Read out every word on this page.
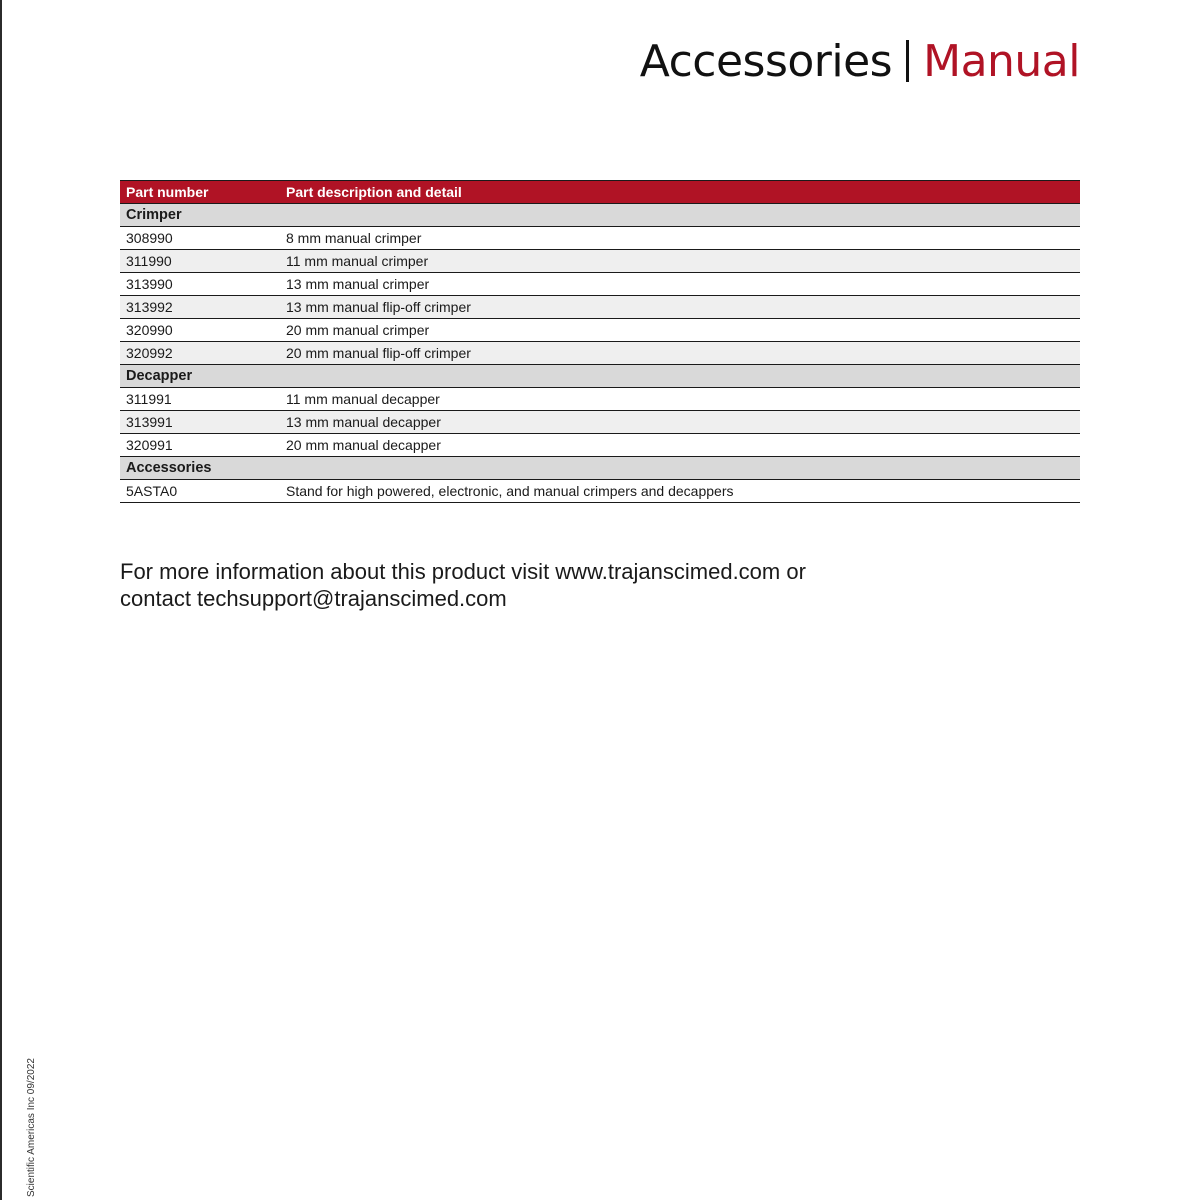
Accessories Manual
Part number	Part description and detail
Crimper	
308990	8 mm manual crimper
311990	11 mm manual crimper
313990	13 mm manual crimper
313992	13 mm manual flip-off crimper
320990	20 mm manual crimper
320992	20 mm manual flip-off crimper
Decapper	
311991	11 mm manual decapper
313991	13 mm manual decapper
320991	20 mm manual decapper
Accessories	
5ASTA0	Stand for high powered, electronic, and manual crimpers and decappers
For more information about this product visit www.trajanscimed.com or
contact techsupport@trajanscimed.com
Scientific Americas Inc 09/2022
